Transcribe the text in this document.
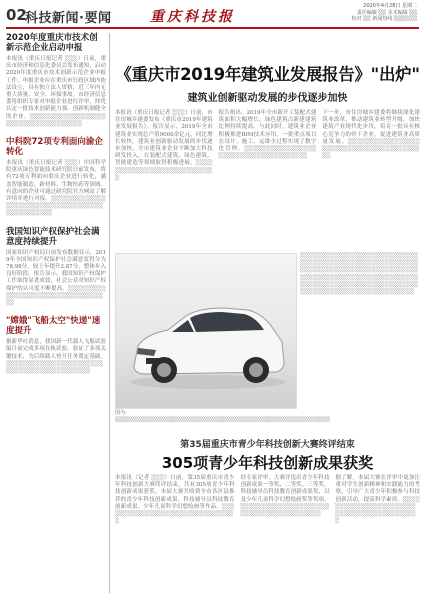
02
科技新闻·要闻	重庆科技报
2020年4月28日 星期二
责任编辑 ░░ 美术编辑 ░░
校对 ░░ 新闻热线 ░░░░░░
2020年度重庆市技术创新示范企业启动申报
本报讯（重庆日报记者 ░░░）日前，重庆市经济和信息化委员会发布通知，启动2020年度重庆市技术创新示范企业申报工作。申报企业应在重庆市行政区域内依法设立，具有独立法人资格，近三年内无重大质量、安全、环保事故。市经济信息委将组织专家对申报企业进行评审，择优认定一批技术创新能力强、创新机制健全的企业。░░░░░░░░░░░░░░░░░░░░░░░░░░░░░░░░░░░░
中科院72项专利面向渝企转化
本报讯（重庆日报记者 ░░░）中国科学院重庆绿色智能技术研究院日前发布，将有72项专利面向重庆企业进行转化，涵盖智能制造、新材料、生物医药等领域。有意向的企业可通过研究院官方网站了解详情并进行对接。░░░░░░░░░░░░░░░░░░░░░░░░░░░░░░░░░░░░░░░░░░░░░░░
我国知识产权保护社会满意度持续提升
国家知识产权局日前发布数据显示，2019年全国知识产权保护社会满意度得分为78.98分，较上年提升2.87分，整体步入良好阶段。报告显示，我国知识产权保护工作取得显著成效，社会公众对知识产权保护的认可度不断提高。░░░░░░░░░░░░░░░░░░░░░░░░░░░░░░░░░░
"嫦娥"飞船太空"快递"速度提升
据新华社消息，我国新一代载人飞船试验船日前完成多项在轨试验，验证了多项关键技术，为后续载人登月任务奠定基础。░░░░░░░░░░░░░░░░░░░░░░░░░░░░░░░░░░░░░░░░░░░
《重庆市2019年建筑业发展报告》"出炉"
建筑业创新驱动发展的步伐逐步加快
本报讯（重庆日报记者 ░░░）日前，市住房城乡建委发布《重庆市2019年建筑业发展报告》。报告显示，2019年全市建筑业实现总产值9000余亿元，同比增长较快，建筑业创新驱动发展的步伐逐步加快。全市建筑业企业不断加大科技研发投入，在装配式建筑、绿色建筑、智能建造等领域取得积极进展。░░░░░░░░░░░░░░░░░░░░░░░░░░░░
报告指出，2019年全市新开工装配式建筑面积大幅增长，绿色建筑占新建建筑比例持续提高。与此同时，建筑业企业积极推进BIM技术应用，一批重点项目在设计、施工、运维全过程实现了数字化管理。░░░░░░░░░░░░░░░░░░░░░░░░░░░░░░░░░░░░░░
下一步，市住房城乡建委将继续深化建筑业改革，推动建筑业转型升级，加快建筑产业现代化步伐，培育一批具有核心竞争力的骨干企业，促进建筑业高质量发展。░░░░░░░░░░░░░░░░░░░░░░░░░░░░░░░░░░░░░░░░░░
图为：░░░░░░░░░░░░░░░░░░░░░░░░░░░░░░░░░░░░░░░░░░░░░░░░░░░░░░░░
░░░░░░░░░░░░░░░░░░░░░░░░░░░░░░░░░░░░░░░░░░░░░░░░░░░░░░░░░░░░░░░░░░░░░░░░░░░░░░░░░░░░░░░░░░░░░░░░░░░░░░░░░░░░░░░░░░░░░░░░░░░░░░░░░░░░░░░░░░░░░░░░░░░░░░░░░░░░░░░░░░░░░░░
第35届重庆市青少年科技创新大赛终评结束
305项青少年科技创新成果获奖
本报讯（记者 ░░░）日前，第35届重庆市青少年科技创新大赛终评结束，共有305项青少年科技创新成果获奖。本届大赛共收到全市各区县推荐的青少年科技创新成果、科技辅导员科技教育创新成果、少年儿童科学幻想绘画等作品。░░░░░░░░░░░░░░░░░░░░░░░░░░░░░░░░
经专家评审，大赛评选出青少年科技创新成果一等奖、二等奖、三等奖，科技辅导员科技教育创新成果奖，以及少年儿童科学幻想绘画奖等奖项。░░░░░░░░░░░░░░░░░░░░░░░░░░░░░░░░░░░░░░░░
据了解，本届大赛在评审中更加注重对学生创新精神和实践能力的考察，引导广大青少年积极参与科技创新活动，提高科学素质。░░░░░░░░░░░░░░░░░░░░░░░░░░░░░░░░░░░░░░░░░░░
